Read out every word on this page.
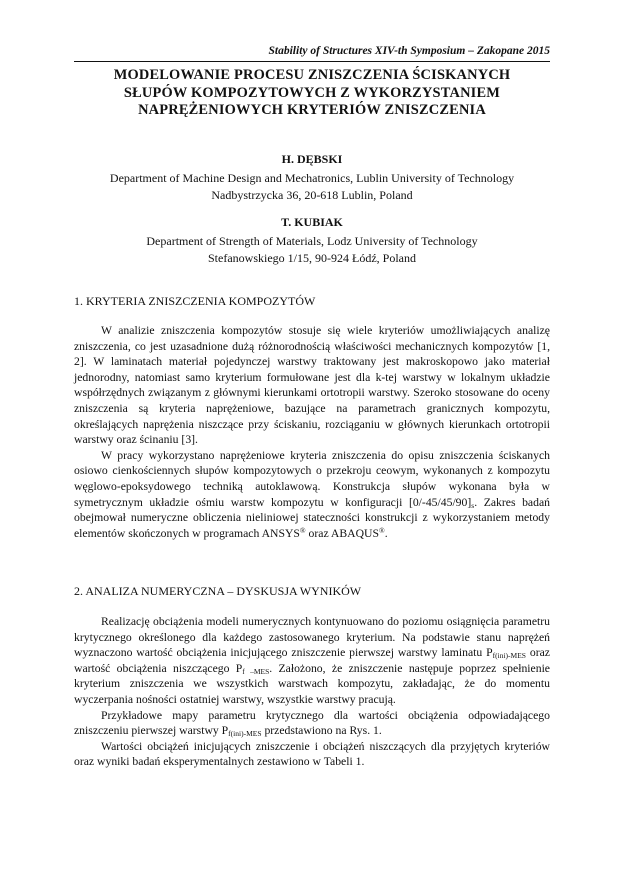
Stability of Structures XIV-th Symposium – Zakopane 2015
MODELOWANIE PROCESU ZNISZCZENIA ŚCISKANYCH
SŁUPÓW KOMPOZYTOWYCH Z WYKORZYSTANIEM
NAPRĘŻENIOWYCH KRYTERIÓW ZNISZCZENIA
H. DĘBSKI
Department of Machine Design and Mechatronics, Lublin University of Technology
Nadbystrzycka 36, 20-618 Lublin, Poland
T. KUBIAK
Department of Strength of Materials, Lodz University of Technology
Stefanowskiego 1/15, 90-924 Łódź, Poland
1. KRYTERIA ZNISZCZENIA KOMPOZYTÓW

W analizie zniszczenia kompozytów stosuje się wiele kryteriów umożliwiających analizę zniszczenia, co jest uzasadnione dużą różnorodnością właściwości mechanicznych kompozytów [1, 2]. W laminatach materiał pojedynczej warstwy traktowany jest makroskopowo jako materiał jednorodny, natomiast samo kryterium formułowane jest dla k-tej warstwy w lokalnym układzie współrzędnych związanym z głównymi kierunkami ortotropii warstwy. Szeroko stosowane do oceny zniszczenia są kryteria naprężeniowe, bazujące na parametrach granicznych kompozytu, określających naprężenia niszczące przy ściskaniu, rozciąganiu w głównych kierunkach ortotropii warstwy oraz ścinaniu [3].

W pracy wykorzystano naprężeniowe kryteria zniszczenia do opisu zniszczenia ściskanych osiowo cienkościennych słupów kompozytowych o przekroju ceowym, wykonanych z kompozytu węglowo-epoksydowego techniką autoklawową. Konstrukcja słupów wykonana była w symetrycznym układzie ośmiu warstw kompozytu w konfiguracji $[0/-45/45/90]_s$. Zakres badań obejmował numeryczne obliczenia nieliniowej stateczności konstrukcji z wykorzystaniem metody elementów skończonych w programach ANSYS® oraz ABAQUS®.

2. ANALIZA NUMERYCZNA – DYSKUSJA WYNIKÓW

Realizację obciążenia modeli numerycznych kontynuowano do poziomu osiągnięcia parametru krytycznego określonego dla każdego zastosowanego kryterium. Na podstawie stanu naprężeń wyznaczono wartość obciążenia inicjującego zniszczenie pierwszej warstwy laminatu $P_{f(ini)-MES}$ oraz wartość obciążenia niszczącego $P_{f -MES}$. Założono, że zniszczenie następuje poprzez spełnienie kryterium zniszczenia we wszystkich warstwach kompozytu, zakładając, że do momentu wyczerpania nośności ostatniej warstwy, wszystkie warstwy pracują.

Przykładowe mapy parametru krytycznego dla wartości obciążenia odpowiadającego zniszczeniu pierwszej warstwy $P_{f(ini)-MES}$ przedstawiono na Rys. 1.

Wartości obciążeń inicjujących zniszczenie i obciążeń niszczących dla przyjętych kryteriów oraz wyniki badań eksperymentalnych zestawiono w Tabeli 1.
